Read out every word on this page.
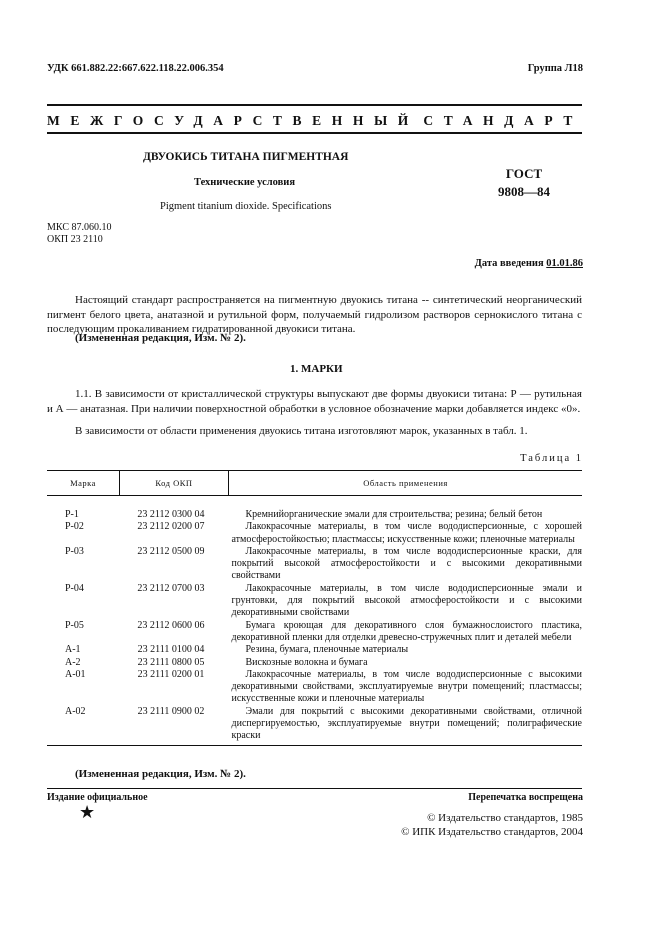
УДК 661.882.22:667.622.118.22.006.354	Группа Л18
МЕЖГОСУДАРСТВЕННЫЙ СТАНДАРТ
ДВУОКИСЬ ТИТАНА ПИГМЕНТНАЯ
Технические условия
Pigment titanium dioxide. Specifications
ГОСТ
9808—84
МКС 87.060.10
ОКП 23 2110
Дата введения 01.01.86
Настоящий стандарт распространяется на пигментную двуокись титана -- синтетический неорганический пигмент белого цвета, анатазной и рутильной форм, получаемый гидролизом растворов сернокислого титана с последующим прокаливанием гидратированной двуокиси титана.
(Измененная редакция, Изм. № 2).
1. МАРКИ
1.1. В зависимости от кристаллической структуры выпускают две формы двуокиси титана: Р — рутильная и А — анатазная. При наличии поверхностной обработки в условное обозначение марки добавляется индекс «0».
В зависимости от области применения двуокись титана изготовляют марок, указанных в табл. 1.
Таблица 1
Марка	Код ОКП	Область применения
Р-1	23 2112 0300 04	Кремнийорганические эмали для строительства; резина; белый бетон

Р-02	23 2112 0200 07	Лакокрасочные материалы, в том числе вододисперсионные, с хорошей атмосферостойкостью; пластмассы; искусственные кожи; пленочные материалы

Р-03	23 2112 0500 09	Лакокрасочные материалы, в том числе вододисперсионные краски, для покрытий высокой атмосферостойкости и с высокими декоративными свойствами

Р-04	23 2112 0700 03	Лакокрасочные материалы, в том числе вододисперсионные эмали и грунтовки, для покрытий высокой атмосферостойкости и с высокими декоративными свойствами

Р-05	23 2112 0600 06	Бумага кроющая для декоративного слоя бумажнослоистого пластика, декоративной пленки для отделки древесно-стружечных плит и деталей мебели

А-1	23 2111 0100 04	Резина, бумага, пленочные материалы

А-2	23 2111 0800 05	Вискозные волокна и бумага

А-01	23 2111 0200 01	Лакокрасочные материалы, в том числе вододисперсионные с высокими декоративными свойствами, эксплуатируемые внутри помещений; пластмассы; искусственные кожи и пленочные материалы

А-02	23 2111 0900 02	Эмали для покрытий с высокими декоративными свойствами, отличной диспергируемостью, эксплуатируемые внутри помещений; полиграфические краски
(Измененная редакция, Изм. № 2).
Издание официальное	Перепечатка воспрещена
★	© Издательство стандартов, 1985
© ИПК Издательство стандартов, 2004
